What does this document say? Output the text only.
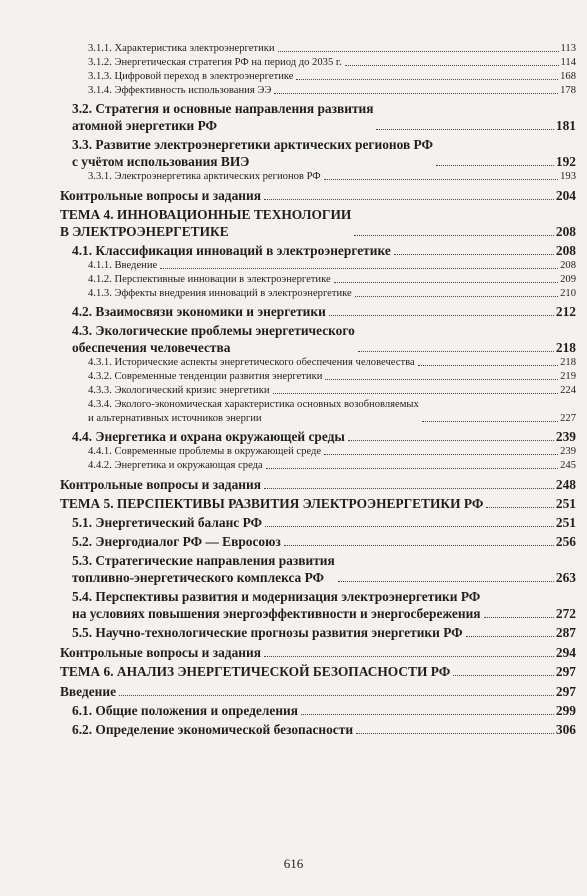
3.1.1. Характеристика электроэнергетики	113
3.1.2. Энергетическая стратегия РФ на период до 2035 г.	114
3.1.3. Цифровой переход в электроэнергетике	168
3.1.4. Эффективность использования ЭЭ	178
3.2. Стратегия и основные направления развития
атомной энергетики РФ	181
3.3. Развитие электроэнергетики арктических регионов РФ
с учётом использования ВИЭ	192
3.3.1. Электроэнергетика арктических регионов РФ	193
Контрольные вопросы и задания	204
ТЕМА 4. ИННОВАЦИОННЫЕ ТЕХНОЛОГИИ
В ЭЛЕКТРОЭНЕРГЕТИКЕ	208
4.1. Классификация инноваций в электроэнергетике	208
4.1.1. Введение	208
4.1.2. Перспективные инновации в электроэнергетике	209
4.1.3. Эффекты внедрения инноваций в электроэнергетике	210
4.2. Взаимосвязи экономики и энергетики	212
4.3. Экологические проблемы энергетического
обеспечения человечества	218
4.3.1. Исторические аспекты энергетического обеспечения человечества	218
4.3.2. Современные тенденции развития энергетики	219
4.3.3. Экологический кризис энергетики	224
4.3.4. Эколого-экономическая характеристика основных возобновляемых
и альтернативных источников энергии	227
4.4. Энергетика и охрана окружающей среды	239
4.4.1. Современные проблемы в окружающей среде	239
4.4.2. Энергетика и окружающая среда	245
Контрольные вопросы и задания	248
ТЕМА 5. ПЕРСПЕКТИВЫ РАЗВИТИЯ ЭЛЕКТРОЭНЕРГЕТИКИ РФ	251
5.1. Энергетический баланс РФ	251
5.2. Энергодиалог РФ — Евросоюз	256
5.3. Стратегические направления развития
топливно-энергетического комплекса РФ	263
5.4. Перспективы развития и модернизация электроэнергетики РФ
на условиях повышения энергоэффективности и энергосбережения	272
5.5. Научно-технологические прогнозы развития энергетики РФ	287
Контрольные вопросы и задания	294
ТЕМА 6. АНАЛИЗ ЭНЕРГЕТИЧЕСКОЙ БЕЗОПАСНОСТИ РФ	297
Введение	297
6.1. Общие положения и определения	299
6.2. Определение экономической безопасности	306
616
